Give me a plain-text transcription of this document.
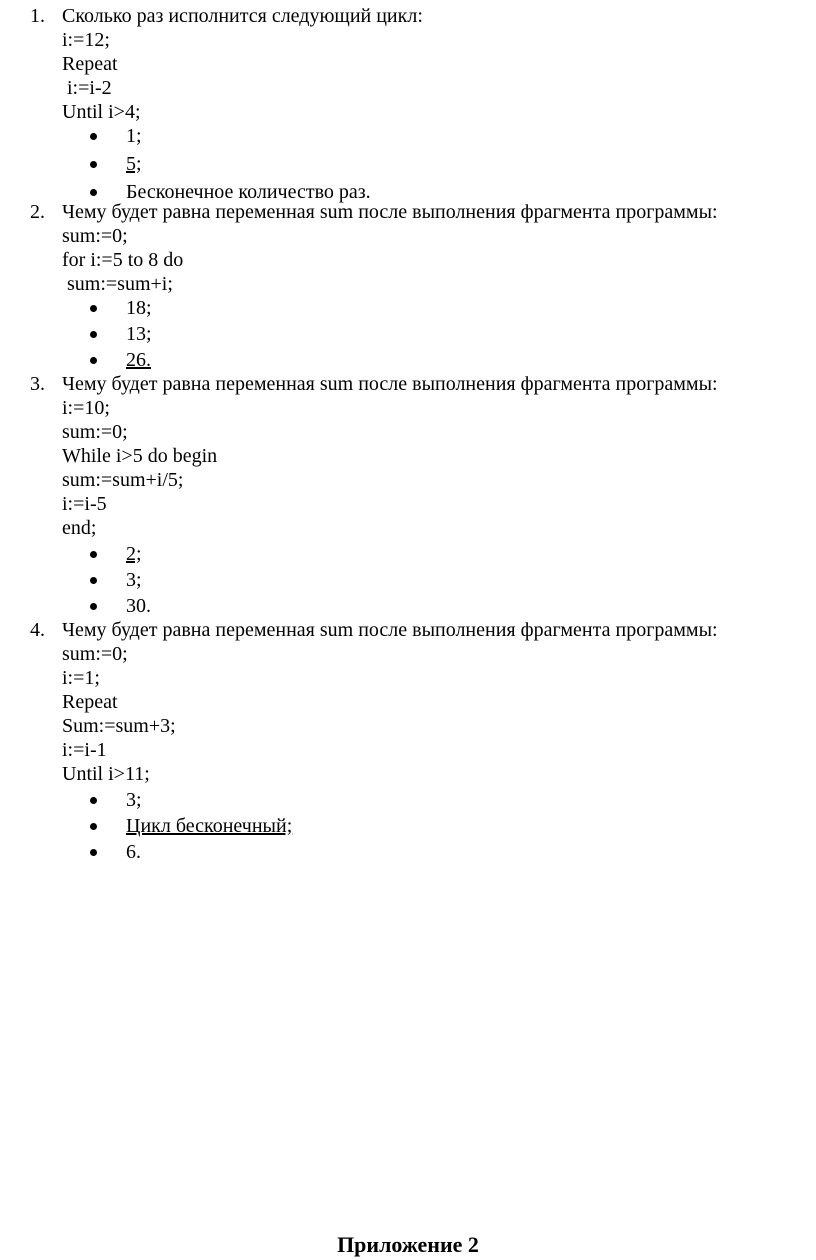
1. Сколько раз исполнится следующий цикл:
i:=12;
Repeat
i:=i-2
Until i>4;
1;
5;
Бесконечное количество раз.
2. Чему будет равна переменная sum после выполнения фрагмента программы:
sum:=0;
for i:=5 to 8 do
sum:=sum+i;
18;
13;
26.
3. Чему будет равна переменная sum после выполнения фрагмента программы:
i:=10;
sum:=0;
While i>5 do begin
sum:=sum+i/5;
i:=i-5
end;
2;
3;
30.
4. Чему будет равна переменная sum после выполнения фрагмента программы:
sum:=0;
i:=1;
Repeat
Sum:=sum+3;
i:=i-1
Until i>11;
3;
Цикл бесконечный;
6.
Приложение 2
